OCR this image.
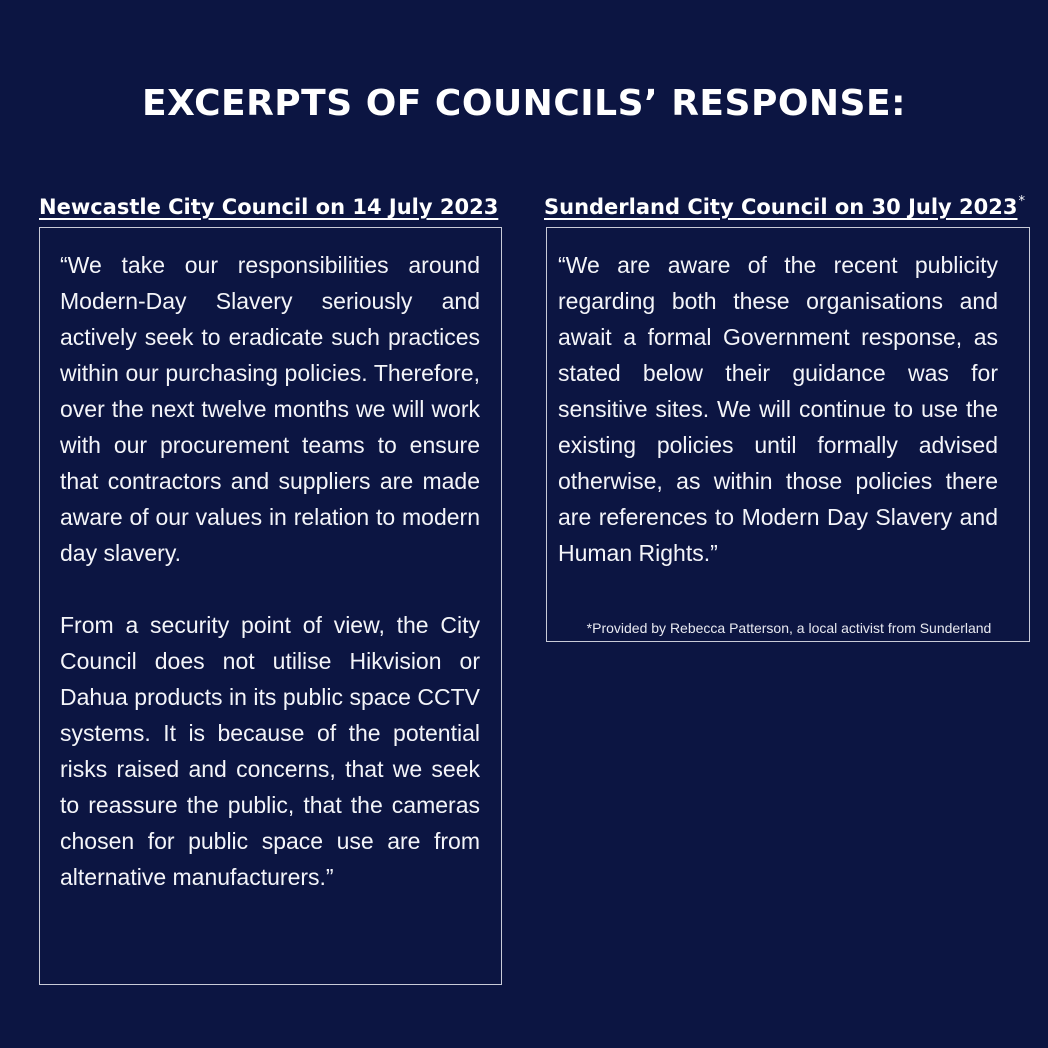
EXCERPTS OF COUNCILS’ RESPONSE:
Newcastle City Council on 14 July 2023

“We take our responsibilities around Modern-Day Slavery seriously and actively seek to eradicate such practices within our purchasing policies. Therefore, over the next twelve months we will work with our procurement teams to ensure that contractors and suppliers are made aware of our values in relation to modern day slavery.

From a security point of view, the City Council does not utilise Hikvision or Dahua products in its public space CCTV systems. It is because of the potential risks raised and concerns, that we seek to reassure the public, that the cameras chosen for public space use are from alternative manufacturers.”

Sunderland City Council on 30 July 2023*

“We are aware of the recent publicity regarding both these organisations and await a formal Government response, as stated below their guidance was for sensitive sites. We will continue to use the existing policies until formally advised otherwise, as within those policies there are references to Modern Day Slavery and Human Rights.”

*Provided by Rebecca Patterson, a local activist from Sunderland
